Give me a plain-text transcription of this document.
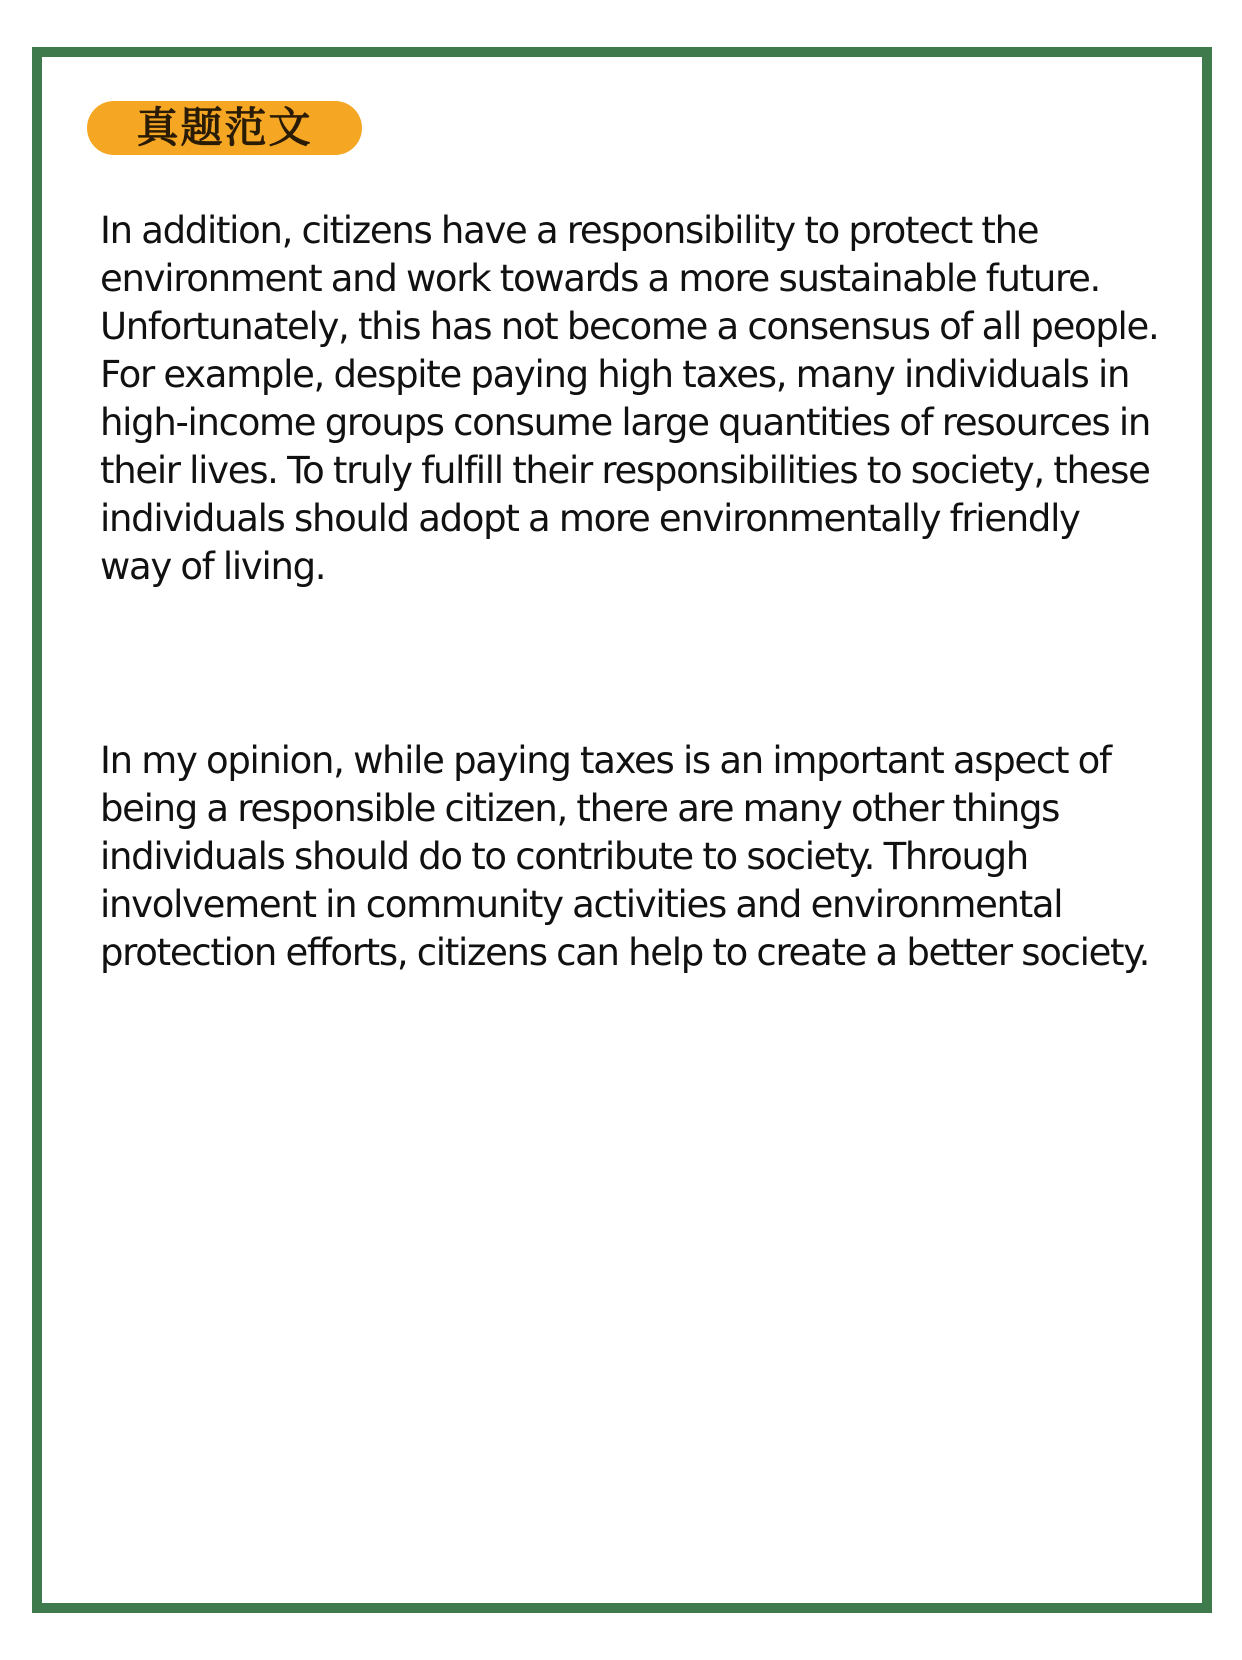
真题范文

In addition, citizens have a responsibility to protect the environment and work towards a more sustainable future. Unfortunately, this has not become a consensus of all people. For example, despite paying high taxes, many individuals in high-income groups consume large quantities of resources in their lives. To truly fulfill their responsibilities to society, these individuals should adopt a more environmentally friendly way of living.

In my opinion, while paying taxes is an important aspect of being a responsible citizen, there are many other things individuals should do to contribute to society. Through involvement in community activities and environmental protection efforts, citizens can help to create a better society.
